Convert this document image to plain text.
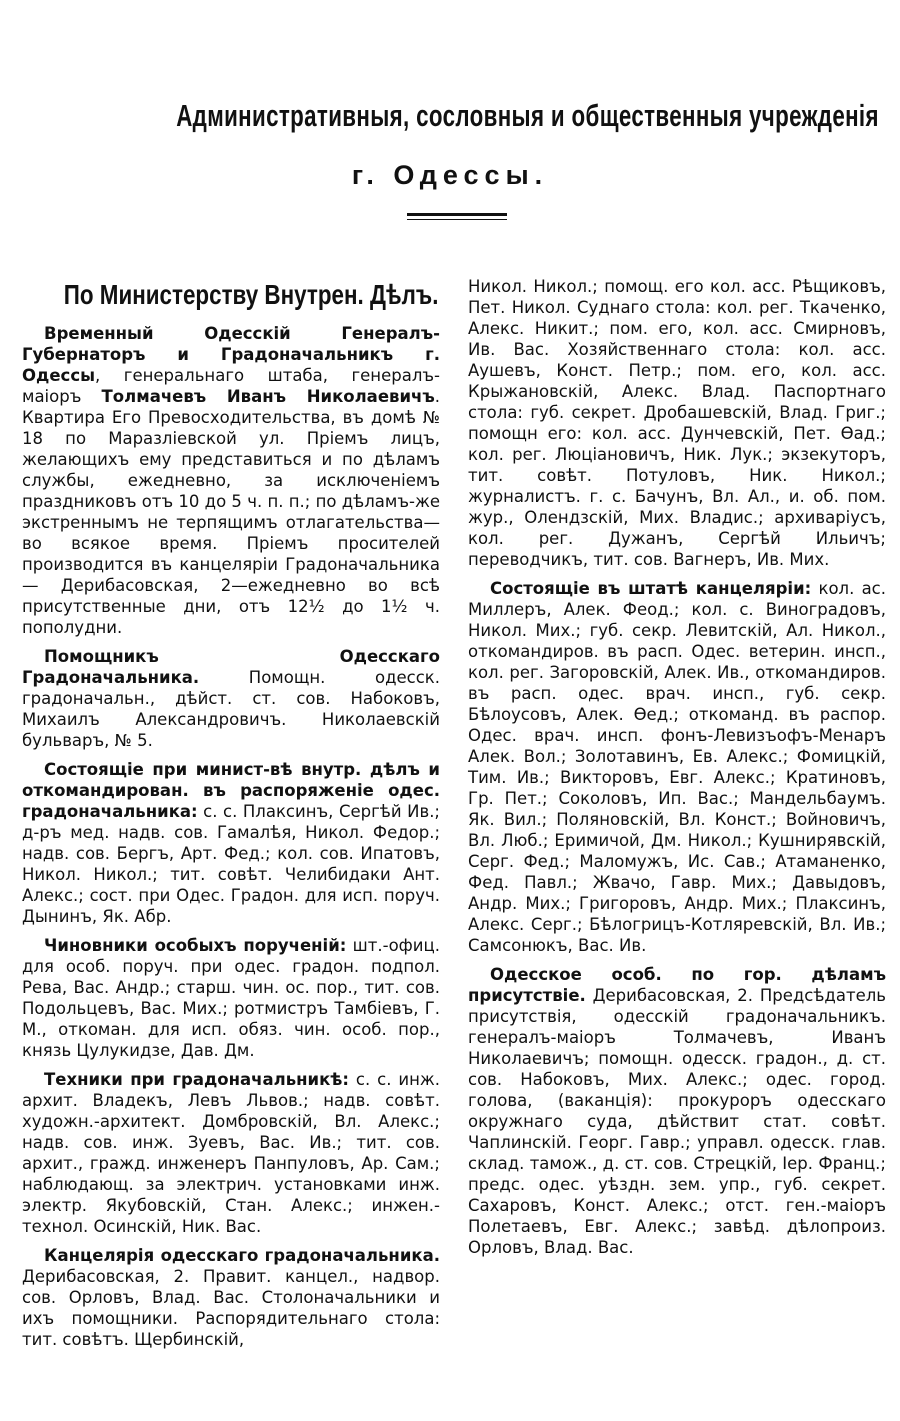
Административныя, сословныя и общественныя учрежденія
г. Одессы.
По Министерству Внутрен. Дѣлъ.

Временный Одесскій Генералъ-Губернаторъ и Градоначальникъ г. Одессы, генеральнаго штаба, генералъ-маіоръ Толмачевъ Иванъ Николаевичъ. Квартира Его Превосходительства, въ домѣ № 18 по Маразліевской ул. Пріемъ лицъ, желающихъ ему представиться и по дѣламъ службы, ежедневно, за исключеніемъ праздниковъ отъ 10 до 5 ч. п. п.; по дѣламъ-же экстреннымъ не терпящимъ отлагательства—во всякое время. Пріемъ просителей производится въ канцеляріи Градоначальника — Дерибасовская, 2—ежедневно во всѣ присутственные дни, отъ 12½ до 1½ ч. пополудни.

Помощникъ Одесскаго Градоначальника. Помощн. одесск. градоначальн., дѣйст. ст. сов. Набоковъ, Михаилъ Александровичъ. Николаевскій бульваръ, № 5.

Состоящіе при минист-вѣ внутр. дѣлъ и откомандирован. въ распоряженіе одес. градоначальника: с. с. Плаксинъ, Сергѣй Ив.; д-ръ мед. надв. сов. Гамалѣя, Никол. Федор.; надв. сов. Бергъ, Арт. Фед.; кол. сов. Ипатовъ, Никол. Никол.; тит. совѣт. Челибидаки Ант. Алекс.; сост. при Одес. Градон. для исп. поруч. Дынинъ, Як. Абр.

Чиновники особыхъ порученій: шт.-офиц. для особ. поруч. при одес. градон. подпол. Рева, Вас. Андр.; старш. чин. ос. пор., тит. сов. Подольцевъ, Вас. Мих.; ротмистръ Тамбіевъ, Г. М., откоман. для исп. обяз. чин. особ. пор., князь Цулукидзе, Дав. Дм.

Техники при градоначальникѣ: с. с. инж. архит. Владекъ, Левъ Львов.; надв. совѣт. художн.-архитект. Домбровскій, Вл. Алекс.; надв. сов. инж. Зуевъ, Вас. Ив.; тит. сов. архит., гражд. инженеръ Панпуловъ, Ар. Сам.; наблюдающ. за электрич. установками инж. электр. Якубовскій, Стан. Алекс.; инжен.-технол. Осинскій, Ник. Вас.

Канцелярія одесскаго градоначальника. Дерибасовская, 2. Правит. канцел., надвор. сов. Орловъ, Влад. Вас. Столоначальники и ихъ помощники. Распорядительнаго стола: тит. совѣтъ. Щербинскій,

Никол. Никол.; помощ. его кол. асс. Рѣщиковъ, Пет. Никол. Суднаго стола: кол. рег. Ткаченко, Алекс. Никит.; пом. его, кол. асс. Смирновъ, Ив. Вас. Хозяйственнаго стола: кол. асс. Аушевъ, Конст. Петр.; пом. его, кол. асс. Крыжановскій, Алекс. Влад. Паспортнаго стола: губ. секрет. Дробашевскій, Влад. Григ.; помощн его: кол. асс. Дунчевскій, Пет. Ѳад.; кол. рег. Люціановичъ, Ник. Лук.; экзекуторъ, тит. совѣт. Потуловъ, Ник. Никол.; журналистъ. г. с. Бачунъ, Вл. Ал., и. об. пом. жур., Олендзскій, Мих. Владис.; архиваріусъ, кол. рег. Дужанъ, Сергѣй Ильичъ; переводчикъ, тит. сов. Вагнеръ, Ив. Мих.

Состоящіе въ штатѣ канцеляріи: кол. ас. Миллеръ, Алек. Феод.; кол. с. Виноградовъ, Никол. Мих.; губ. секр. Левитскій, Ал. Никол., откомандиров. въ расп. Одес. ветерин. инсп., кол. рег. Загоровскій, Алек. Ив., откомандиров. въ расп. одес. врач. инсп., губ. секр. Бѣлоусовъ, Алек. Ѳед.; откоманд. въ распор. Одес. врач. инсп. фонъ-Левизъофъ-Менаръ Алек. Вол.; Золотавинъ, Ев. Алекс.; Фомицкій, Тим. Ив.; Викторовъ, Евг. Алекс.; Кратиновъ, Гр. Пет.; Соколовъ, Ип. Вас.; Мандельбаумъ. Як. Вил.; Поляновскій, Вл. Конст.; Войновичъ, Вл. Люб.; Еримичой, Дм. Никол.; Кушнирявскій, Серг. Фед.; Маломужъ, Ис. Сав.; Атаманенко, Фед. Павл.; Жвачо, Гавр. Мих.; Давыдовъ, Андр. Мих.; Григоровъ, Андр. Мих.; Плаксинъ, Алекс. Серг.; Бѣлогрицъ-Котляревскій, Вл. Ив.; Самсонюкъ, Вас. Ив.

Одесское особ. по гор. дѣламъ присутствіе. Дерибасовская, 2. Предсѣдатель присутствія, одесскій градоначальникъ. генералъ-маіоръ Толмачевъ, Иванъ Николаевичъ; помощн. одесск. градон., д. ст. сов. Набоковъ, Мих. Алекс.; одес. город. голова, (ваканція): прокуроръ одесскаго окружнаго суда, дѣйствит стат. совѣт. Чаплинскій. Георг. Гавр.; управл. одесск. глав. склад. тамож., д. ст. сов. Стрецкій, Іер. Франц.; предс. одес. уѣздн. зем. упр., губ. секрет. Сахаровъ, Конст. Алекс.; отст. ген.-маіоръ Полетаевъ, Евг. Алекс.; завѣд. дѣлопроиз. Орловъ, Влад. Вас.
